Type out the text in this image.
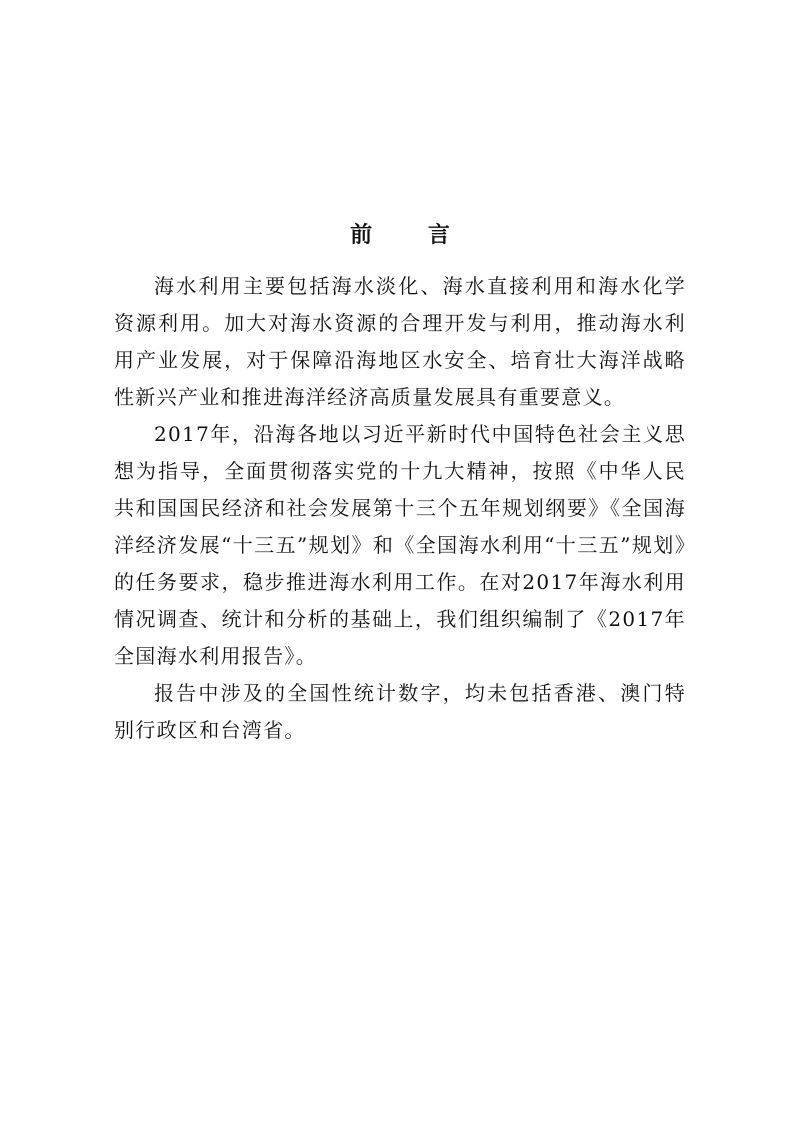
前 言

海水利用主要包括海水淡化、海水直接利用和海水化学资源利用。加大对海水资源的合理开发与利用，推动海水利用产业发展，对于保障沿海地区水安全、培育壮大海洋战略性新兴产业和推进海洋经济高质量发展具有重要意义。

2017年，沿海各地以习近平新时代中国特色社会主义思想为指导，全面贯彻落实党的十九大精神，按照《中华人民共和国国民经济和社会发展第十三个五年规划纲要》《全国海洋经济发展“十三五”规划》和《全国海水利用“十三五”规划》的任务要求，稳步推进海水利用工作。在对2017年海水利用情况调查、统计和分析的基础上，我们组织编制了《2017年全国海水利用报告》。

报告中涉及的全国性统计数字，均未包括香港、澳门特别行政区和台湾省。
